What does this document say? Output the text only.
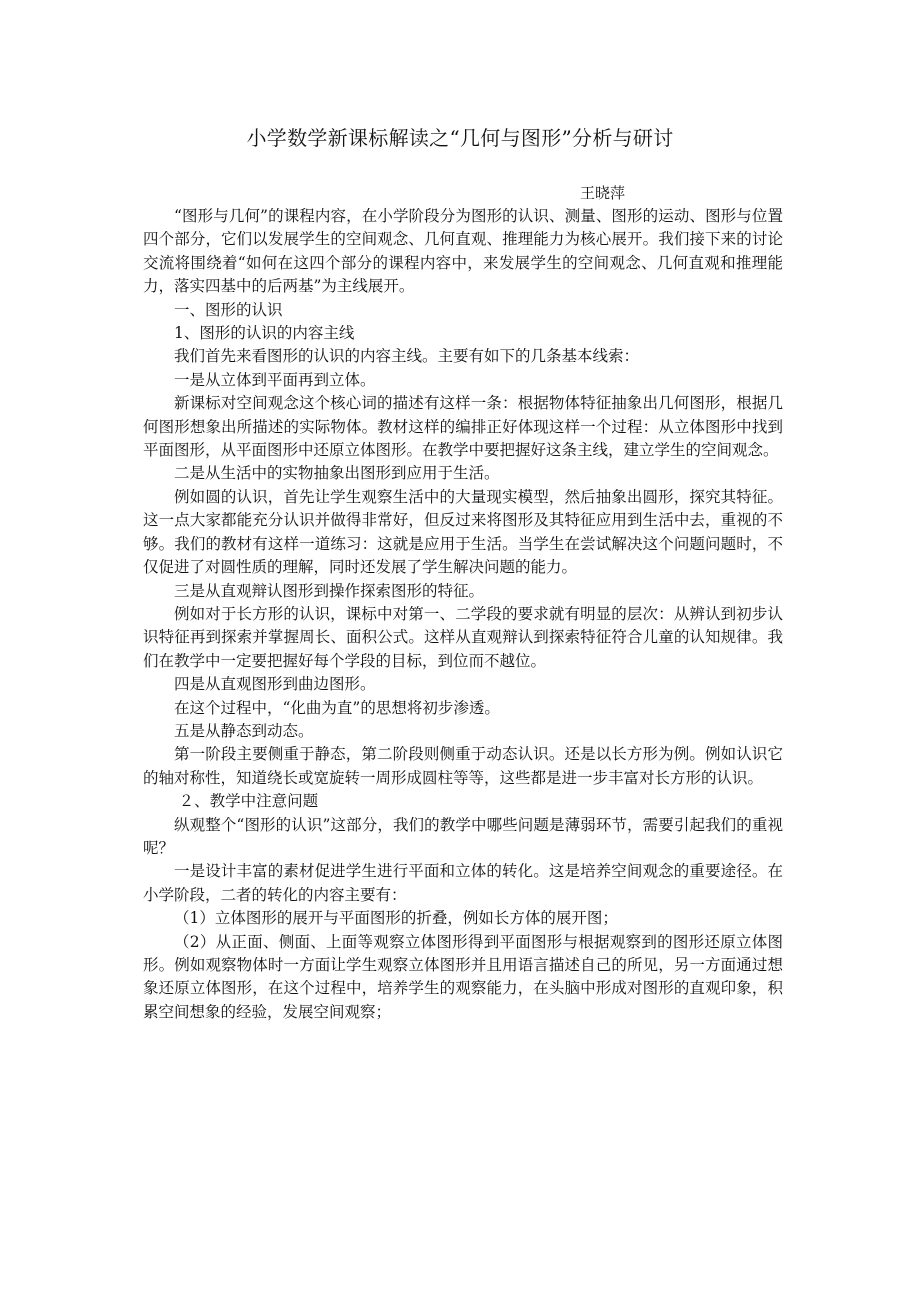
小学数学新课标解读之“几何与图形”分析与研讨
王晓萍

“图形与几何”的课程内容，在小学阶段分为图形的认识、测量、图形的运动、图形与位置四个部分，它们以发展学生的空间观念、几何直观、推理能力为核心展开。我们接下来的讨论交流将围绕着“如何在这四个部分的课程内容中，来发展学生的空间观念、几何直观和推理能力，落实四基中的后两基”为主线展开。

一、图形的认识

1、图形的认识的内容主线

我们首先来看图形的认识的内容主线。主要有如下的几条基本线索：

一是从立体到平面再到立体。

新课标对空间观念这个核心词的描述有这样一条：根据物体特征抽象出几何图形，根据几何图形想象出所描述的实际物体。教材这样的编排正好体现这样一个过程：从立体图形中找到平面图形，从平面图形中还原立体图形。在教学中要把握好这条主线，建立学生的空间观念。

二是从生活中的实物抽象出图形到应用于生活。

例如圆的认识，首先让学生观察生活中的大量现实模型，然后抽象出圆形，探究其特征。这一点大家都能充分认识并做得非常好，但反过来将图形及其特征应用到生活中去，重视的不够。我们的教材有这样一道练习：这就是应用于生活。当学生在尝试解决这个问题问题时，不仅促进了对圆性质的理解，同时还发展了学生解决问题的能力。

三是从直观辩认图形到操作探索图形的特征。

例如对于长方形的认识，课标中对第一、二学段的要求就有明显的层次：从辨认到初步认识特征再到探索并掌握周长、面积公式。这样从直观辩认到探索特征符合儿童的认知规律。我们在教学中一定要把握好每个学段的目标，到位而不越位。

四是从直观图形到曲边图形。

在这个过程中，“化曲为直”的思想将初步渗透。

五是从静态到动态。

第一阶段主要侧重于静态，第二阶段则侧重于动态认识。还是以长方形为例。例如认识它的轴对称性，知道绕长或宽旋转一周形成圆柱等等，这些都是进一步丰富对长方形的认识。

２、教学中注意问题

纵观整个“图形的认识”这部分，我们的教学中哪些问题是薄弱环节，需要引起我们的重视呢？

一是设计丰富的素材促进学生进行平面和立体的转化。这是培养空间观念的重要途径。在小学阶段，二者的转化的内容主要有：

（1）立体图形的展开与平面图形的折叠，例如长方体的展开图；

（2）从正面、侧面、上面等观察立体图形得到平面图形与根据观察到的图形还原立体图形。例如观察物体时一方面让学生观察立体图形并且用语言描述自己的所见，另一方面通过想象还原立体图形，在这个过程中，培养学生的观察能力，在头脑中形成对图形的直观印象，积累空间想象的经验，发展空间观察；
